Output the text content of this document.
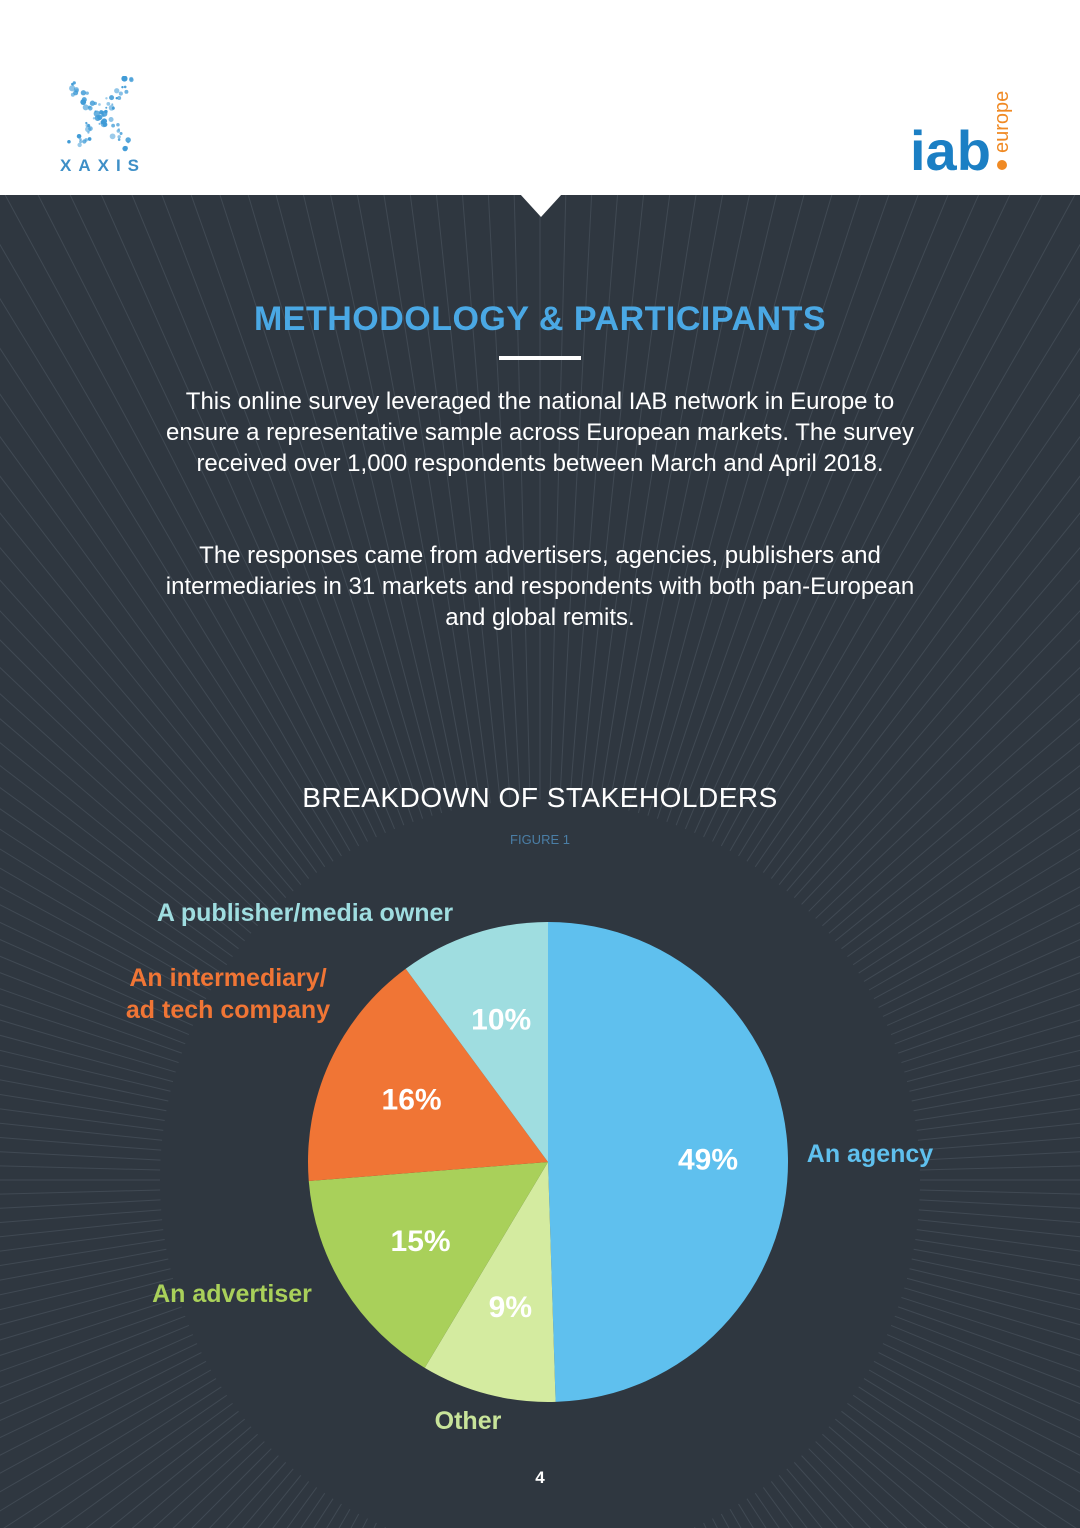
XAXIS	iab europe
METHODOLOGY & PARTICIPANTS
This online survey leveraged the national IAB network in Europe to ensure a representative sample across European markets. The survey received over 1,000 respondents between March and April 2018.
The responses came from advertisers, agencies, publishers and intermediaries in 31 markets and respondents with both pan-European and global remits.
BREAKDOWN OF STAKEHOLDERS
FIGURE 1
49%	An agency
9%
Other
15%
An advertiser
16%
An intermediary/ ad tech company	10%
A publisher/media owner
4
